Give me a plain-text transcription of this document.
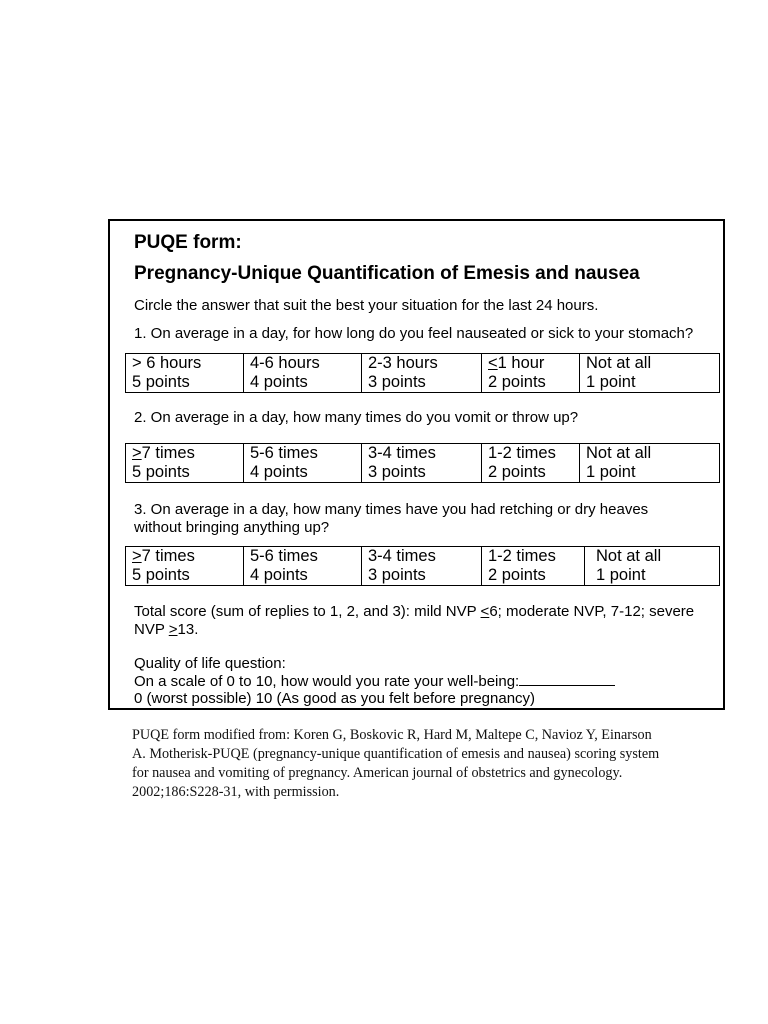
PUQE form:
Pregnancy-Unique Quantification of Emesis and nausea
Circle the answer that suit the best your situation for the last 24 hours.
1. On average in a day, for how long do you feel nauseated or sick to your stomach?
> 6 hours
5 points
4-6 hours
4 points
2-3 hours
3 points
<1 hour
2 points
Not at all
1 point
2. On average in a day, how many times do you vomit or throw up?
>7 times
5 points
5-6 times
4 points
3-4 times
3 points
1-2 times
2 points
Not at all
1 point
3. On average in a day, how many times have you had retching or dry heaves
without bringing anything up?
>7 times
5 points
5-6 times
4 points
3-4 times
3 points
1-2 times
2 points
Not at all
1 point
Total score (sum of replies to 1, 2, and 3): mild NVP <6; moderate NVP, 7-12; severe
NVP >13.
Quality of life question:
On a scale of 0 to 10, how would you rate your well-being:
0 (worst possible) 10 (As good as you felt before pregnancy)
PUQE form modified from: Koren G, Boskovic R, Hard M, Maltepe C, Navioz Y, Einarson
A. Motherisk-PUQE (pregnancy-unique quantification of emesis and nausea) scoring system
for nausea and vomiting of pregnancy. American journal of obstetrics and gynecology.
2002;186:S228-31, with permission.
